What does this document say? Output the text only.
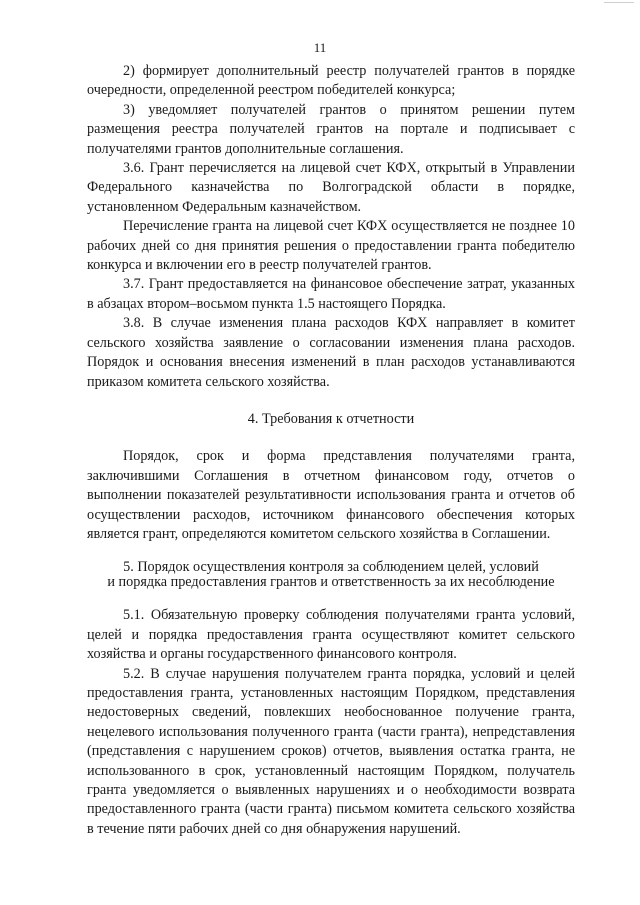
11

2) формирует дополнительный реестр получателей грантов в порядке очередности, определенной реестром победителей конкурса;

3) уведомляет получателей грантов о принятом решении путем размещения реестра получателей грантов на портале и подписывает с получателями грантов дополнительные соглашения.

3.6. Грант перечисляется на лицевой счет КФХ, открытый в Управлении Федерального казначейства по Волгоградской области в порядке, установленном Федеральным казначейством.

Перечисление гранта на лицевой счет КФХ осуществляется не позднее 10 рабочих дней со дня принятия решения о предоставлении гранта победителю конкурса и включении его в реестр получателей грантов.

3.7. Грант предоставляется на финансовое обеспечение затрат, указанных в абзацах втором–восьмом пункта 1.5 настоящего Порядка.

3.8. В случае изменения плана расходов КФХ направляет в комитет сельского хозяйства заявление о согласовании изменения плана расходов. Порядок и основания внесения изменений в план расходов устанавливаются приказом комитета сельского хозяйства.

4. Требования к отчетности

Порядок, срок и форма представления получателями гранта, заключившими Соглашения в отчетном финансовом году, отчетов о выполнении показателей результативности использования гранта и отчетов об осуществлении расходов, источником финансового обеспечения которых является грант, определяются комитетом сельского хозяйства в Соглашении.

5. Порядок осуществления контроля за соблюдением целей, условий
и порядка предоставления грантов и ответственность за их несоблюдение

5.1. Обязательную проверку соблюдения получателями гранта условий, целей и порядка предоставления гранта осуществляют комитет сельского хозяйства и органы государственного финансового контроля.

5.2. В случае нарушения получателем гранта порядка, условий и целей предоставления гранта, установленных настоящим Порядком, представления недостоверных сведений, повлекших необоснованное получение гранта, нецелевого использования полученного гранта (части гранта), непредставления (представления с нарушением сроков) отчетов, выявления остатка гранта, не использованного в срок, установленный настоящим Порядком, получатель гранта уведомляется о выявленных нарушениях и о необходимости возврата предоставленного гранта (части гранта) письмом комитета сельского хозяйства в течение пяти рабочих дней со дня обнаружения нарушений.
